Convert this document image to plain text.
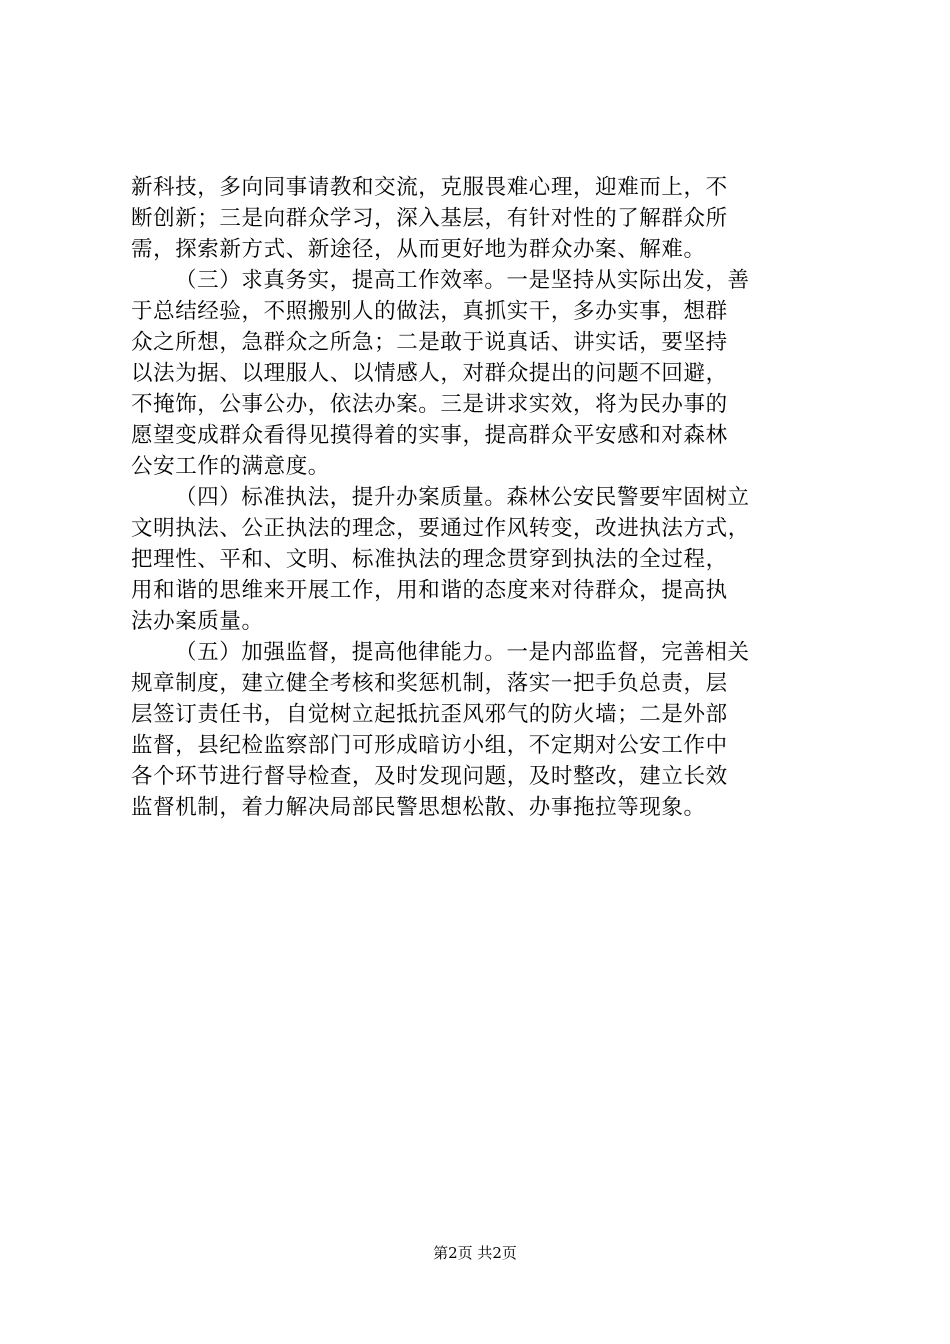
新科技，多向同事请教和交流，克服畏难心理，迎难而上，不
断创新；三是向群众学习，深入基层，有针对性的了解群众所
需，探索新方式、新途径，从而更好地为群众办案、解难。
（三）求真务实，提高工作效率。一是坚持从实际出发，善
于总结经验，不照搬别人的做法，真抓实干，多办实事，想群
众之所想，急群众之所急；二是敢于说真话、讲实话，要坚持
以法为据、以理服人、以情感人，对群众提出的问题不回避，
不掩饰，公事公办，依法办案。三是讲求实效，将为民办事的
愿望变成群众看得见摸得着的实事，提高群众平安感和对森林
公安工作的满意度。
（四）标准执法，提升办案质量。森林公安民警要牢固树立
文明执法、公正执法的理念，要通过作风转变，改进执法方式，
把理性、平和、文明、标准执法的理念贯穿到执法的全过程，
用和谐的思维来开展工作，用和谐的态度来对待群众，提高执
法办案质量。
（五）加强监督，提高他律能力。一是内部监督，完善相关
规章制度，建立健全考核和奖惩机制，落实一把手负总责，层
层签订责任书，自觉树立起抵抗歪风邪气的防火墙；二是外部
监督，县纪检监察部门可形成暗访小组，不定期对公安工作中
各个环节进行督导检查，及时发现问题，及时整改，建立长效
监督机制，着力解决局部民警思想松散、办事拖拉等现象。
第2页 共2页
